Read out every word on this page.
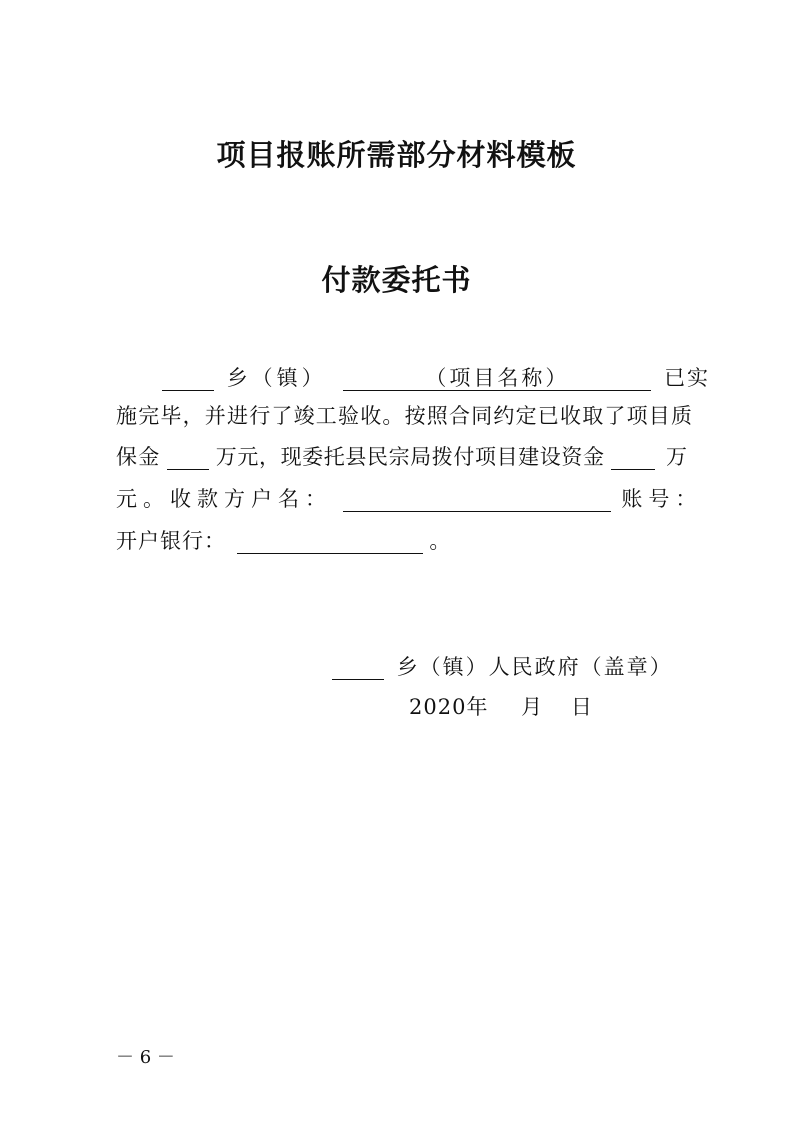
项目报账所需部分材料模板
付款委托书
乡（镇）	（项目名称）	已实
施完毕，并进行了竣工验收。按照合同约定已收取了项目质
保金	万元，现委托县民宗局拨付项目建设资金	万
元。收款方户名：	账号：
开户银行：	。
乡（镇）人民政府（盖章）
2020年 月 日
－ 6 －
